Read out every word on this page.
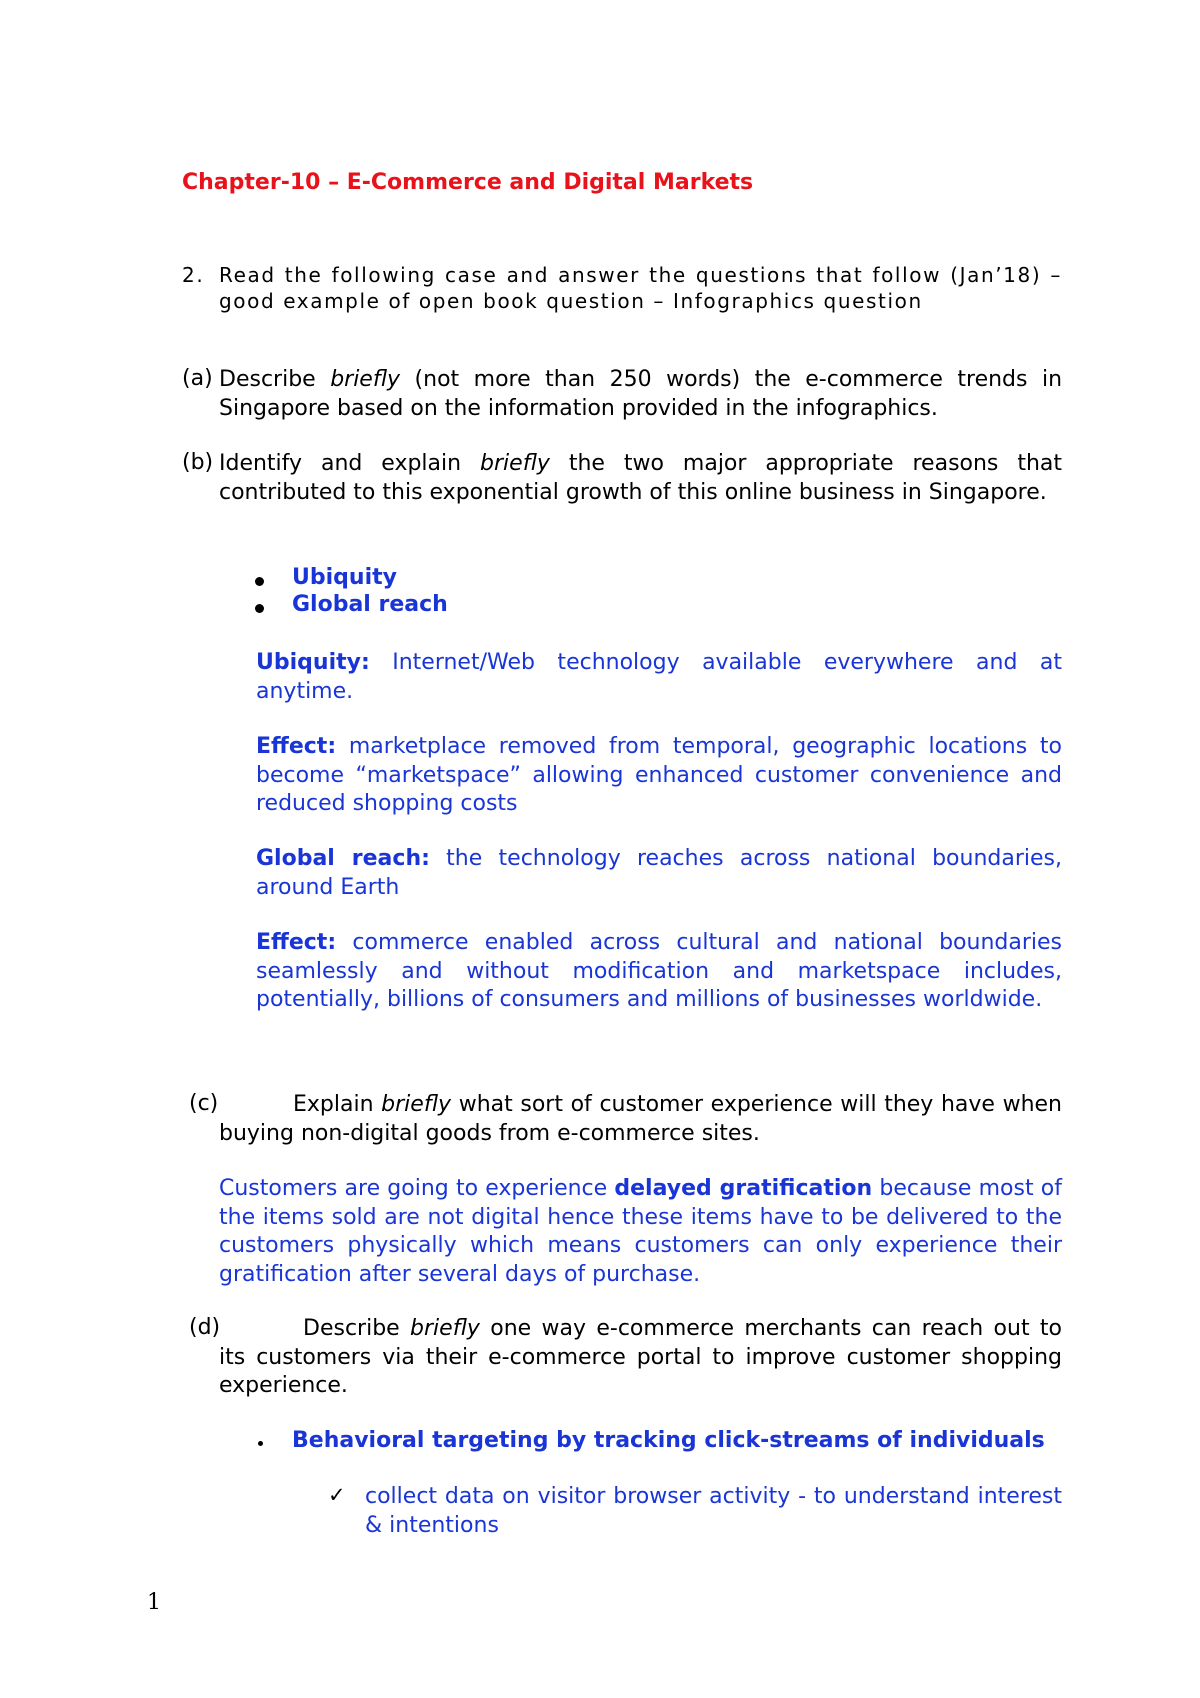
Chapter-10 – E-Commerce and Digital Markets
2. Read the following case and answer the questions that follow (Jan’18) – good example of open book question – Infographics question
(a) Describe briefly (not more than 250 words) the e-commerce trends in Singapore based on the information provided in the infographics.
(b) Identify and explain briefly the two major appropriate reasons that contributed to this exponential growth of this online business in Singapore.
Ubiquity
Global reach
Ubiquity: Internet/Web technology available everywhere and at anytime.
Effect: marketplace removed from temporal, geographic locations to become “marketspace” allowing enhanced customer convenience and reduced shopping costs
Global reach: the technology reaches across national boundaries, around Earth
Effect: commerce enabled across cultural and national boundaries seamlessly and without modification and marketspace includes, potentially, billions of consumers and millions of businesses worldwide.
(c)	Explain briefly what sort of customer experience will they have when buying non-digital goods from e-commerce sites.
Customers are going to experience delayed gratification because most of the items sold are not digital hence these items have to be delivered to the customers physically which means customers can only experience their gratification after several days of purchase.
(d)	Describe briefly one way e-commerce merchants can reach out to its customers via their e-commerce portal to improve customer shopping experience.
Behavioral targeting by tracking click-streams of individuals
✓ collect data on visitor browser activity - to understand interest & intentions
1
